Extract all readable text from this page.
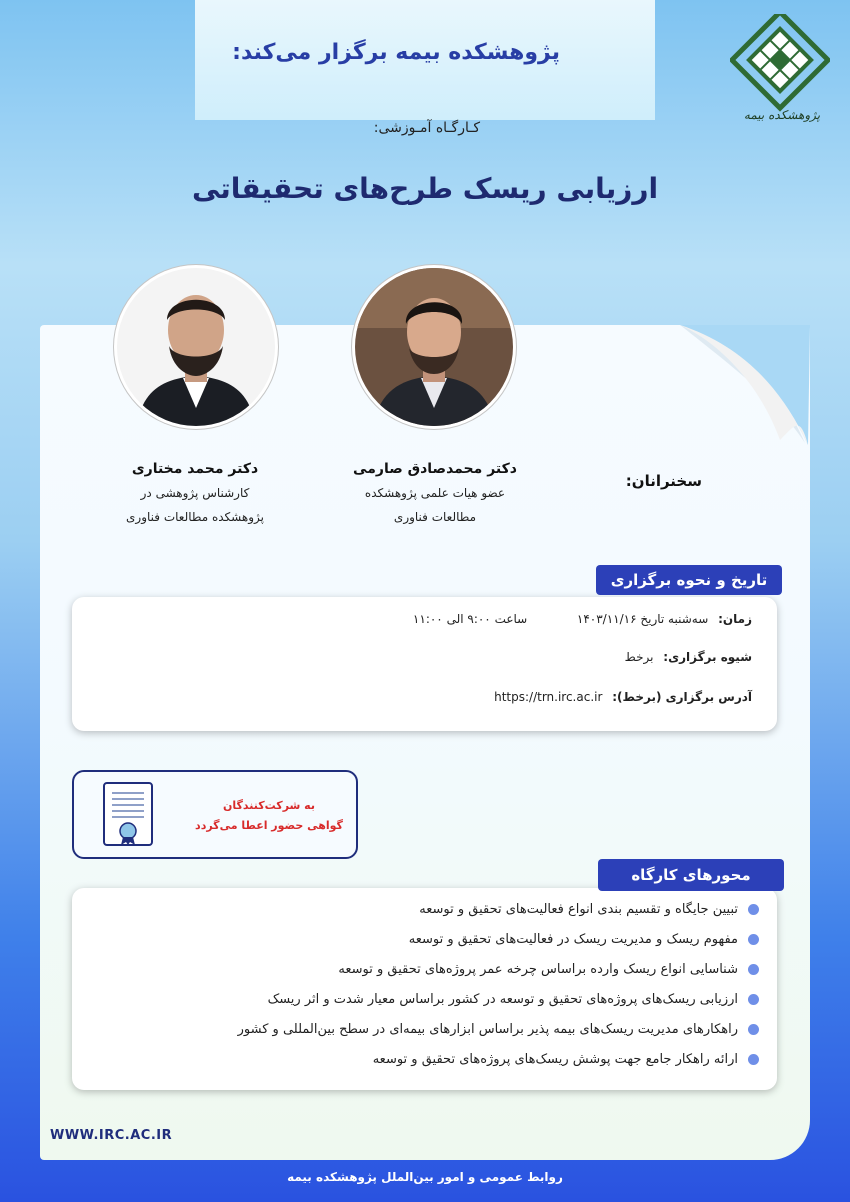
پژوهشکده بیمه برگزار می‌کند:
پژوهشکده بیمه
کـارگـاه آمـوزشی:
ارزیابی ریسک طرح‌های تحقیقاتی
دکتر محمدصادق صارمی
عضو هیات علمی پژوهشکده
مطالعات فناوری
دکتر محمد مختاری
کارشناس پژوهشی در
پژوهشکده مطالعات فناوری
سخنرانان:
زمان: سه‌شنبه تاریخ ۱۴۰۳/۱۱/۱۶  ساعت ۹:۰۰ الی ۱۱:۰۰
شیوه برگزاری: برخط
آدرس برگزاری (برخط): https://trn.irc.ac.ir
تاریخ و نحوه برگزاری
به شرکت‌کنندگان
گواهی حضور اعطا می‌گردد
تبیین جایگاه و تقسیم بندی انواع فعالیت‌های تحقیق و توسعه
مفهوم ریسک و مدیریت ریسک در فعالیت‌های تحقیق و توسعه
شناسایی انواع ریسک وارده براساس چرخه عمر پروژه‌های تحقیق و توسعه
ارزیابی ریسک‌های پروژه‌های تحقیق و توسعه در کشور براساس معیار شدت و اثر ریسک
راهکارهای مدیریت ریسک‌های بیمه پذیر براساس ابزارهای بیمه‌ای در سطح بین‌المللی و کشور
ارائه راهکار جامع جهت پوشش ریسک‌های پروژه‌های تحقیق و توسعه
محورهای کارگاه
WWW.IRC.AC.IR
روابط عمومی و امور بین‌الملل پژوهشکده بیمه
